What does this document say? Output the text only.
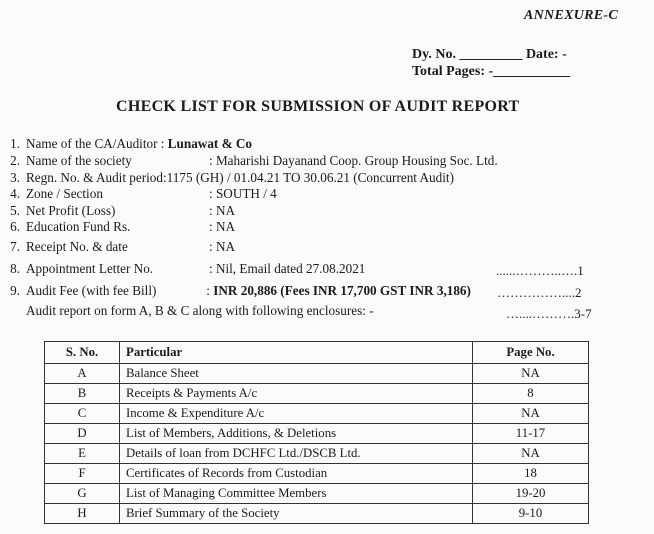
ANNEXURE-C
Dy. No. _________ Date: -
Total Pages: -___________
CHECK LIST FOR SUBMISSION OF AUDIT REPORT
1. Name of the CA/Auditor : Lunawat & Co
2. Name of the society	: Maharishi Dayanand Coop. Group Housing Soc. Ltd.
3. Regn. No. & Audit period:1175 (GH) / 01.04.21 TO 30.06.21 (Concurrent Audit)
4. Zone / Section	: SOUTH / 4
5. Net Profit (Loss)	: NA
6. Education Fund Rs.	: NA
7. Receipt No. & date	: NA
8. Appointment Letter No.	: Nil, Email dated 27.08.2021	......………..….1
9. Audit Fee (with fee Bill)	: INR 20,886 (Fees INR 17,700 GST INR 3,186) ……………....2
Audit report on form A, B & C along with following enclosures: -	…....……….3-7
S. No.	Particular	Page No.
A	Balance Sheet	NA
B	Receipts & Payments A/c	8
C	Income & Expenditure A/c	NA
D	List of Members, Additions, & Deletions	11-17
E	Details of loan from DCHFC Ltd./DSCB Ltd.	NA
F	Certificates of Records from Custodian	18
G	List of Managing Committee Members	19-20
H	Brief Summary of the Society	9-10
